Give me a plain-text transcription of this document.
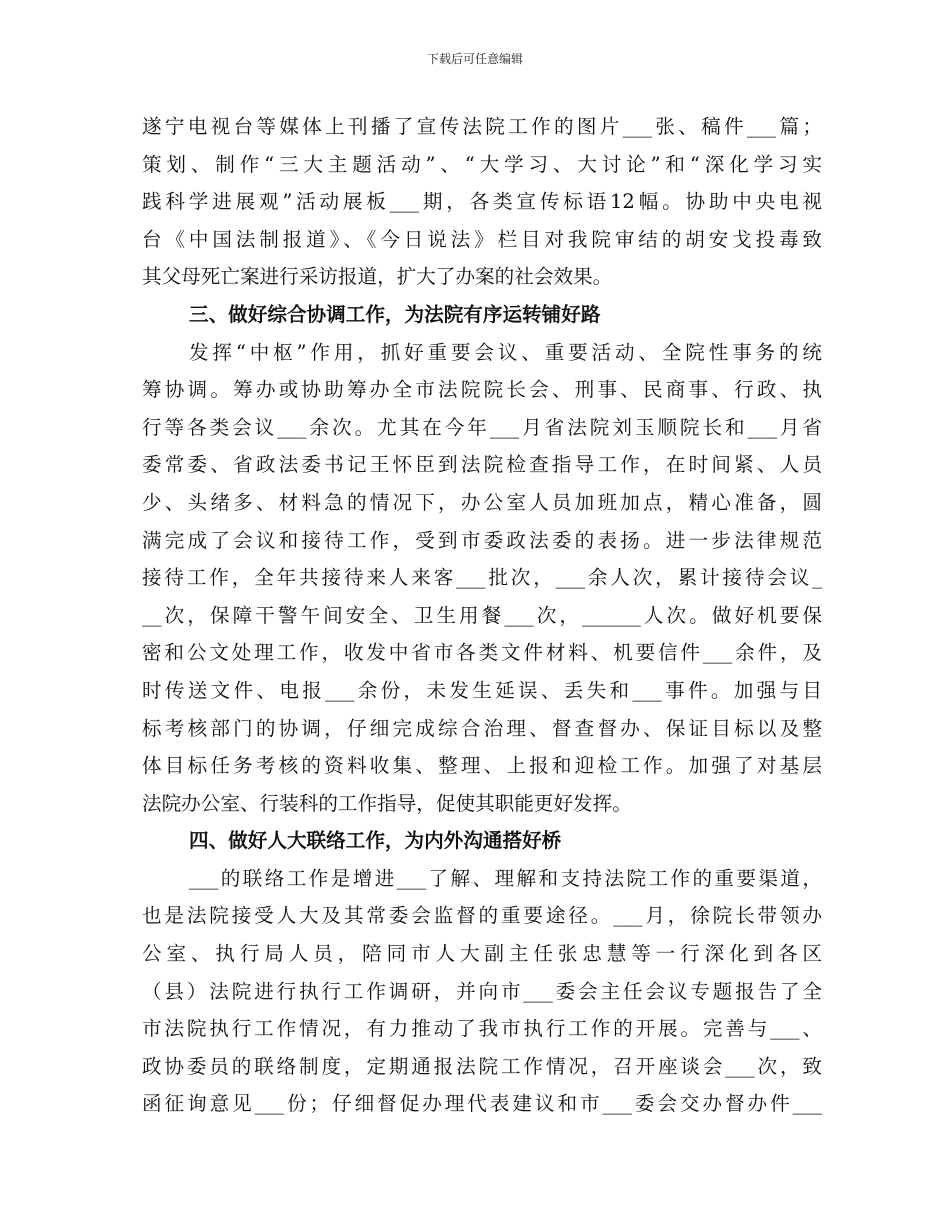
下载后可任意编辑
遂宁电视台等媒体上刊播了宣传法院工作的图片___张、稿件___篇；
策划、制作“三大主题活动”、“大学习、大讨论”和“深化学习实
践科学进展观”活动展板___期，各类宣传标语12幅。协助中央电视
台《中国法制报道》、《今日说法》栏目对我院审结的胡安戈投毒致
其父母死亡案进行采访报道，扩大了办案的社会效果。
三、做好综合协调工作，为法院有序运转铺好路
发挥“中枢”作用，抓好重要会议、重要活动、全院性事务的统
筹协调。筹办或协助筹办全市法院院长会、刑事、民商事、行政、执
行等各类会议___余次。尤其在今年___月省法院刘玉顺院长和___月省
委常委、省政法委书记王怀臣到法院检查指导工作，在时间紧、人员
少、头绪多、材料急的情况下，办公室人员加班加点，精心准备，圆
满完成了会议和接待工作，受到市委政法委的表扬。进一步法律规范
接待工作，全年共接待来人来客___批次，___余人次，累计接待会议_
__次，保障干警午间安全、卫生用餐___次，______人次。做好机要保
密和公文处理工作，收发中省市各类文件材料、机要信件___余件，及
时传送文件、电报___余份，未发生延误、丢失和___事件。加强与目
标考核部门的协调，仔细完成综合治理、督查督办、保证目标以及整
体目标任务考核的资料收集、整理、上报和迎检工作。加强了对基层
法院办公室、行装科的工作指导，促使其职能更好发挥。
四、做好人大联络工作，为内外沟通搭好桥
___的联络工作是增进___了解、理解和支持法院工作的重要渠道，
也是法院接受人大及其常委会监督的重要途径。___月，徐院长带领办
公室、执行局人员，陪同市人大副主任张忠慧等一行深化到各区
（县）法院进行执行工作调研，并向市___委会主任会议专题报告了全
市法院执行工作情况，有力推动了我市执行工作的开展。完善与___、
政协委员的联络制度，定期通报法院工作情况，召开座谈会___次，致
函征询意见___份；仔细督促办理代表建议和市___委会交办督办件___
